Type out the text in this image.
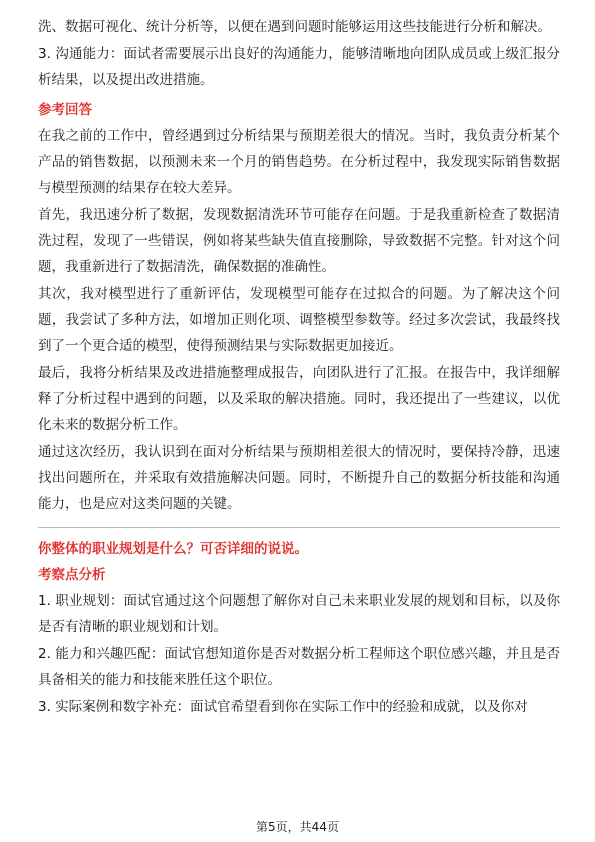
洗、数据可视化、统计分析等，以便在遇到问题时能够运用这些技能进行分析和解决。

3. 沟通能力：面试者需要展示出良好的沟通能力，能够清晰地向团队成员或上级汇报分析结果，以及提出改进措施。

参考回答

在我之前的工作中，曾经遇到过分析结果与预期差很大的情况。当时，我负责分析某个产品的销售数据，以预测未来一个月的销售趋势。在分析过程中，我发现实际销售数据与模型预测的结果存在较大差异。

首先，我迅速分析了数据，发现数据清洗环节可能存在问题。于是我重新检查了数据清洗过程，发现了一些错误，例如将某些缺失值直接删除，导致数据不完整。针对这个问题，我重新进行了数据清洗，确保数据的准确性。

其次，我对模型进行了重新评估，发现模型可能存在过拟合的问题。为了解决这个问题，我尝试了多种方法，如增加正则化项、调整模型参数等。经过多次尝试，我最终找到了一个更合适的模型，使得预测结果与实际数据更加接近。

最后，我将分析结果及改进措施整理成报告，向团队进行了汇报。在报告中，我详细解释了分析过程中遇到的问题，以及采取的解决措施。同时，我还提出了一些建议，以优化未来的数据分析工作。

通过这次经历，我认识到在面对分析结果与预期相差很大的情况时，要保持冷静，迅速找出问题所在，并采取有效措施解决问题。同时，不断提升自己的数据分析技能和沟通能力，也是应对这类问题的关键。

你整体的职业规划是什么？可否详细的说说。

考察点分析

1. 职业规划：面试官通过这个问题想了解你对自己未来职业发展的规划和目标，以及你是否有清晰的职业规划和计划。

2. 能力和兴趣匹配：面试官想知道你是否对数据分析工程师这个职位感兴趣，并且是否具备相关的能力和技能来胜任这个职位。

3. 实际案例和数字补充：面试官希望看到你在实际工作中的经验和成就，以及你对

第5页，共44页
